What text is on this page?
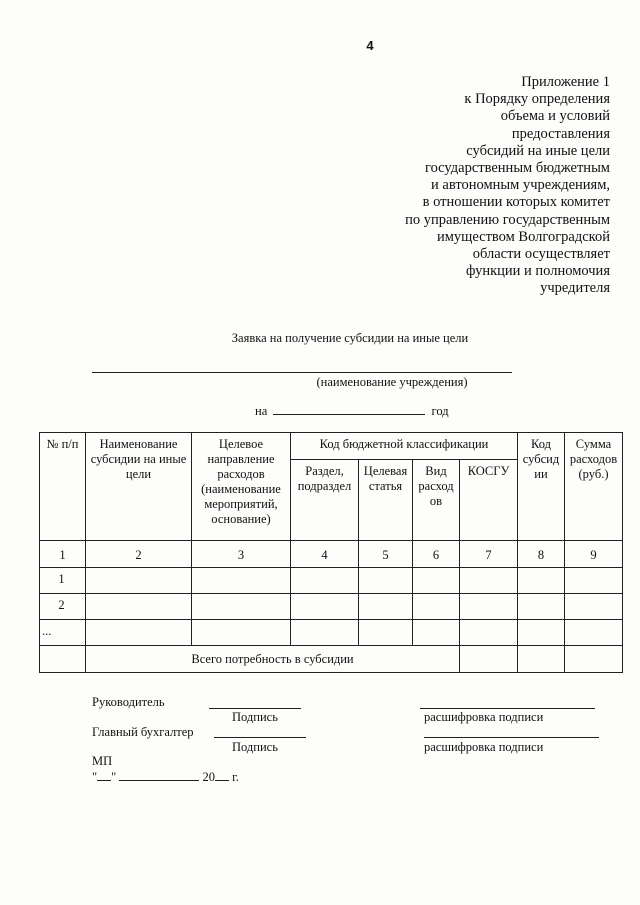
4
Приложение 1
к Порядку определения
объема и условий
предоставления
субсидий на иные цели
государственным бюджетным
и автономным учреждениям,
в отношении которых комитет
по управлению государственным
имуществом Волгоградской
области осуществляет
функции и полномочия
учредителя
Заявка на получение субсидии на иные цели
(наименование учреждения)
на	год
№ п/п	Наименование субсидии на иные цели	Целевое направление расходов (наименование мероприятий, основание)	Код бюджетной классификации				Код субсид ии	Сумма расходов (руб.)
			Раздел, подраздел	Целевая статья	Вид расход ов	КОСГУ		
1	2	3	4	5	6	7	8	9
1								
2								
...								
	Всего потребность в субсидии							
Руководитель
Подпись	расшифровка подписи
Главный бухгалтер
Подпись	расшифровка подписи
МП
" "	20 г.
